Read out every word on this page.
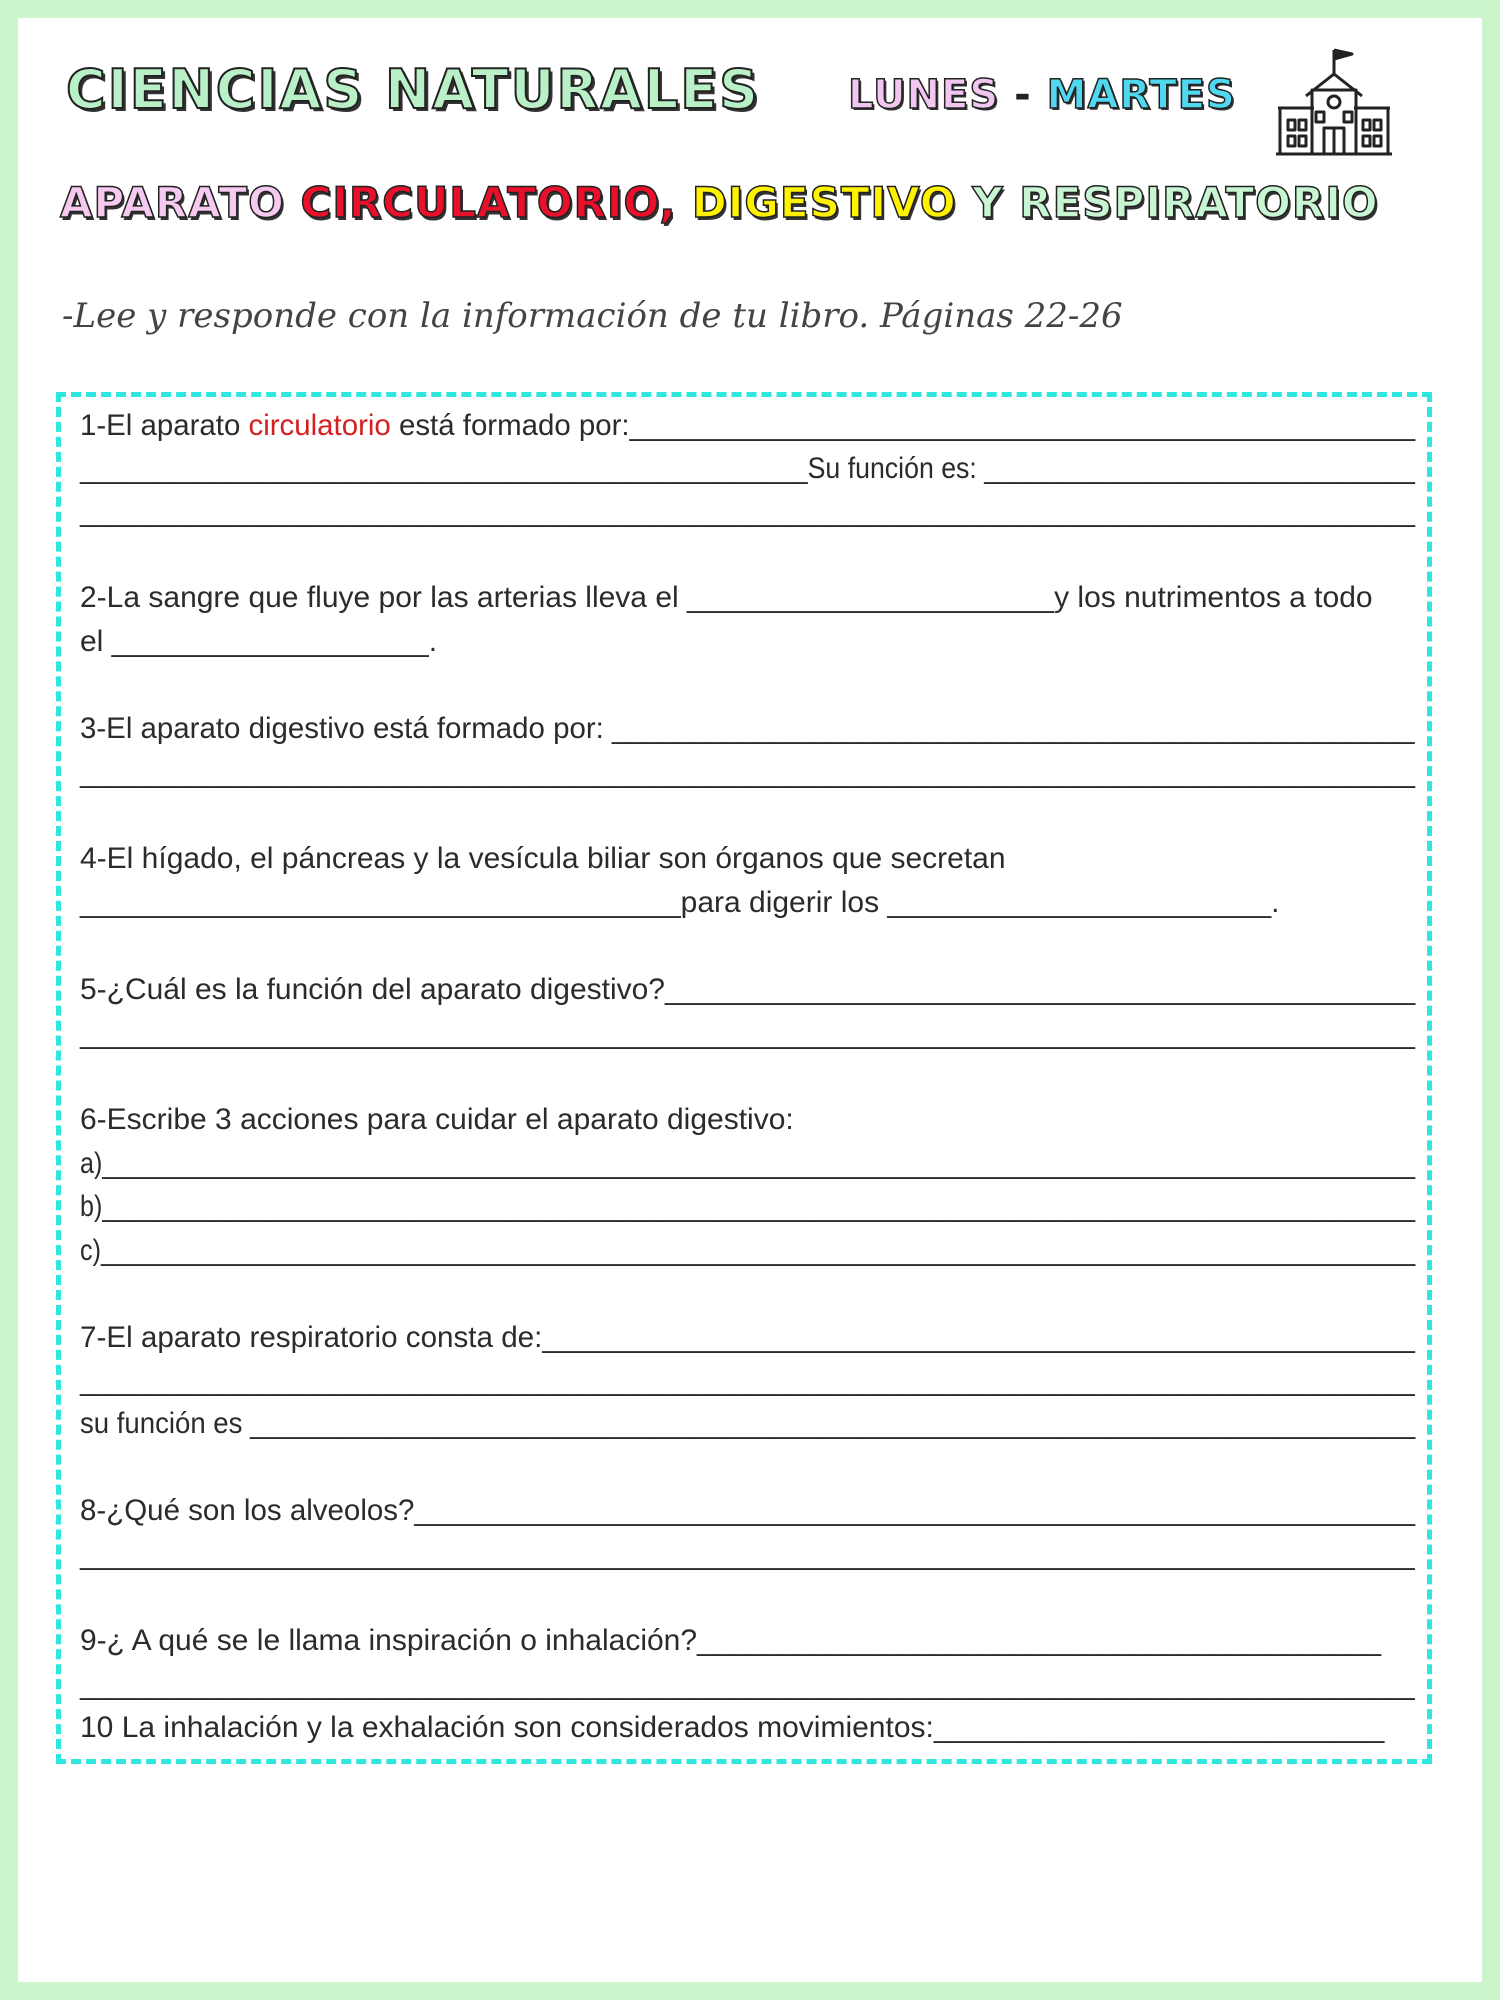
CIENCIAS NATURALES LUNES - MARTES
APARATO CIRCULATORIO, DIGESTIVO Y RESPIRATORIO
-Lee y responde con la información de tu libro. Páginas 22-26
1-El aparato circulatorio está formado por:________________________________________________
_________________________________________________Su función es: _____________________________
__________________________________________________________________________________________________
2-La sangre que fluye por las arterias lleva el ______________________y los nutrimentos a todo
el ___________________.
3-El aparato digestivo está formado por: _________________________________________________
__________________________________________________________________________________________________
4-El hígado, el páncreas y la vesícula biliar son órganos que secretan
____________________________________para digerir los _______________________.
5-¿Cuál es la función del aparato digestivo?_____________________________________________
__________________________________________________________________________________________________
6-Escribe 3 acciones para cuidar el aparato digestivo:
a)______________________________________________________________________________________________
b)______________________________________________________________________________________________
c)______________________________________________________________________________________________
7-El aparato respiratorio consta de:_____________________________________________________
________________________________________________________________________________________________
su función es ____________________________________________________________________________
8-¿Qué son los alveolos?_____________________________________________________________
________________________________________________________________________________________________
9-¿ A qué se le llama inspiración o inhalación?_________________________________________
________________________________________________________________________________________________
10 La inhalación y la exhalación son considerados movimientos:___________________________
